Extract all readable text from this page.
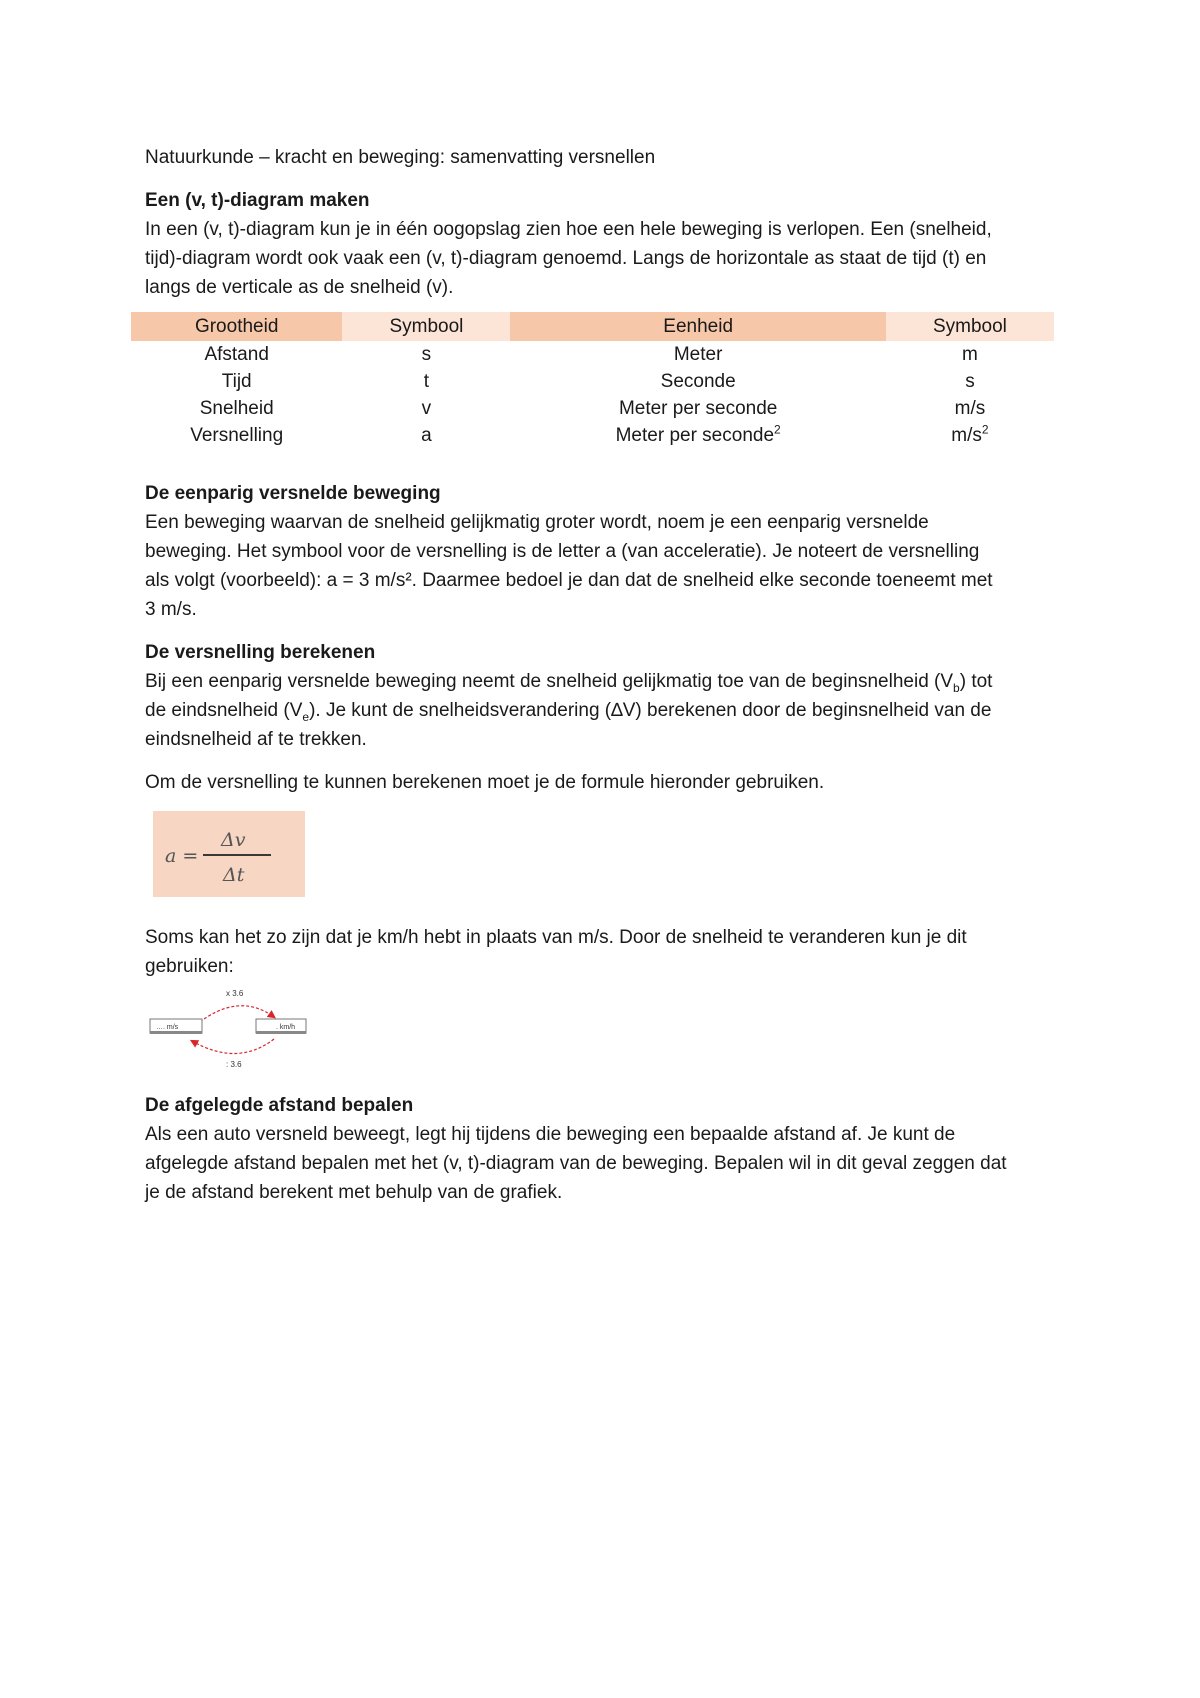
Natuurkunde – kracht en beweging: samenvatting versnellen

Een (v, t)-diagram maken

In een (v, t)-diagram kun je in één oogopslag zien hoe een hele beweging is verlopen. Een (snelheid,

tijd)-diagram wordt ook vaak een (v, t)-diagram genoemd. Langs de horizontale as staat de tijd (t) en

langs de verticale as de snelheid (v).

Grootheid	Symbool	Eenheid	Symbool
Afstand	s	Meter	m
Tijd	t	Seconde	s
Snelheid	v	Meter per seconde	m/s
Versnelling	a	Meter per seconde$^2$	$m/s^2$
De eenparig versnelde beweging

Een beweging waarvan de snelheid gelijkmatig groter wordt, noem je een eenparig versnelde

beweging. Het symbool voor de versnelling is de letter a (van acceleratie). Je noteert de versnelling

als volgt (voorbeeld): a = 3 m/s². Daarmee bedoel je dan dat de snelheid elke seconde toeneemt met

3 m/s.

De versnelling berekenen

Bij een eenparig versnelde beweging neemt de snelheid gelijkmatig toe van de beginsnelheid $(V_b)$ tot

de eindsnelheid $(V_e)$. Je kunt de snelheidsverandering (∆V) berekenen door de beginsnelheid van de

eindsnelheid af te trekken.

Om de versnelling te kunnen berekenen moet je de formule hieronder gebruiken.

a =
Δv
Δt

Soms kan het zo zijn dat je km/h hebt in plaats van m/s. Door de snelheid te veranderen kun je dit

gebruiken:

x 3.6
…. m/s	. km/h
: 3.6
De afgelegde afstand bepalen

Als een auto versneld beweegt, legt hij tijdens die beweging een bepaalde afstand af. Je kunt de

afgelegde afstand bepalen met het (v, t)-diagram van de beweging. Bepalen wil in dit geval zeggen dat

je de afstand berekent met behulp van de grafiek.
